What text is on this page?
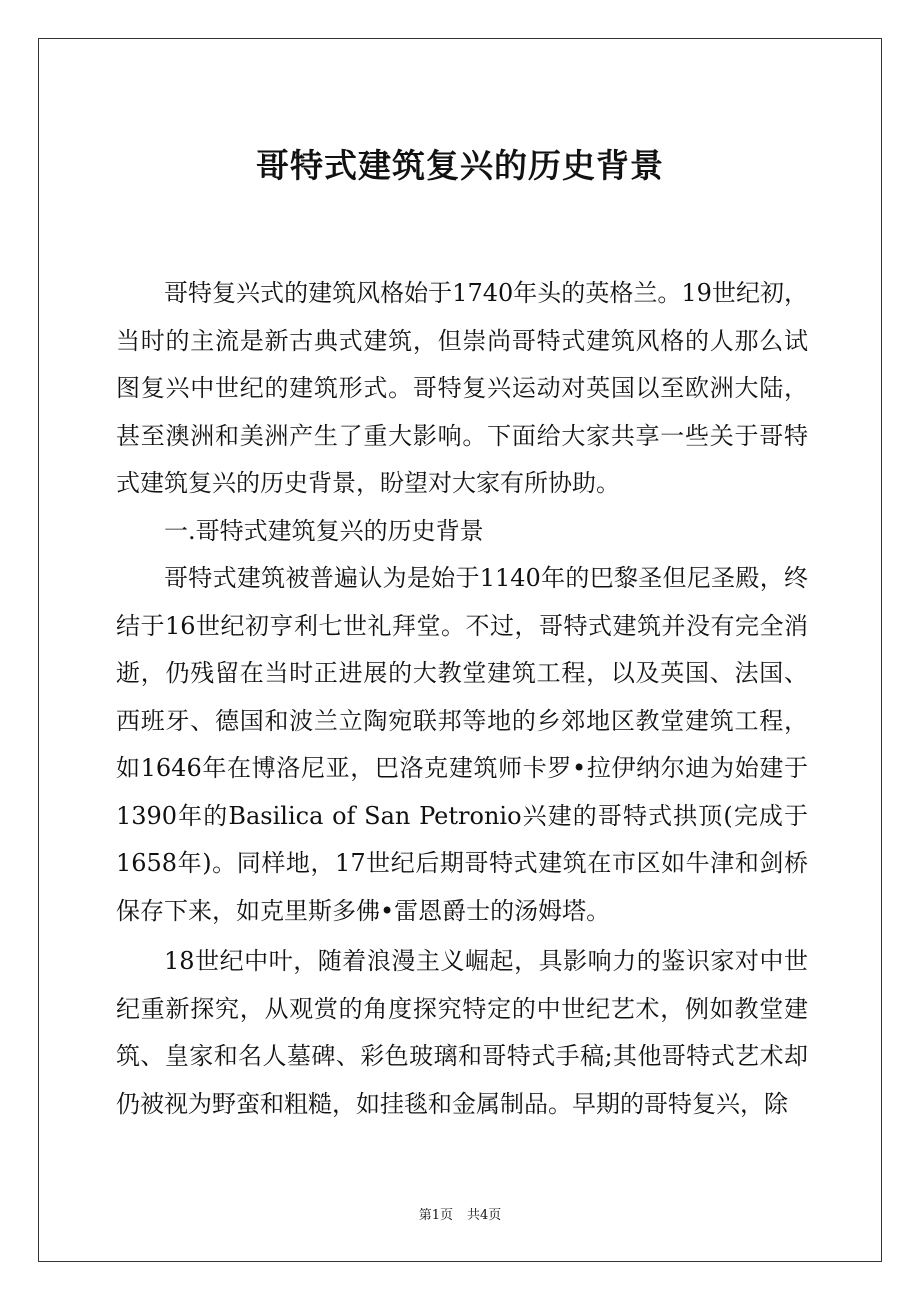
哥特式建筑复兴的历史背景

哥特复兴式的建筑风格始于1740年头的英格兰。19世纪初，当时的主流是新古典式建筑，但崇尚哥特式建筑风格的人那么试图复兴中世纪的建筑形式。哥特复兴运动对英国以至欧洲大陆，甚至澳洲和美洲产生了重大影响。下面给大家共享一些关于哥特式建筑复兴的历史背景，盼望对大家有所协助。

一.哥特式建筑复兴的历史背景

哥特式建筑被普遍认为是始于1140年的巴黎圣但尼圣殿，终结于16世纪初亨利七世礼拜堂。不过，哥特式建筑并没有完全消逝，仍残留在当时正进展的大教堂建筑工程，以及英国、法国、西班牙、德国和波兰立陶宛联邦等地的乡郊地区教堂建筑工程，如1646年在博洛尼亚，巴洛克建筑师卡罗•拉伊纳尔迪为始建于1390年的Basilica of San Petronio兴建的哥特式拱顶(完成于1658年)。同样地，17世纪后期哥特式建筑在市区如牛津和剑桥保存下来，如克里斯多佛•雷恩爵士的汤姆塔。

18世纪中叶，随着浪漫主义崛起，具影响力的鉴识家对中世纪重新探究，从观赏的角度探究特定的中世纪艺术，例如教堂建筑、皇家和名人墓碑、彩色玻璃和哥特式手稿;其他哥特式艺术却仍被视为野蛮和粗糙，如挂毯和金属制品。早期的哥特复兴，除

第1页 共4页
